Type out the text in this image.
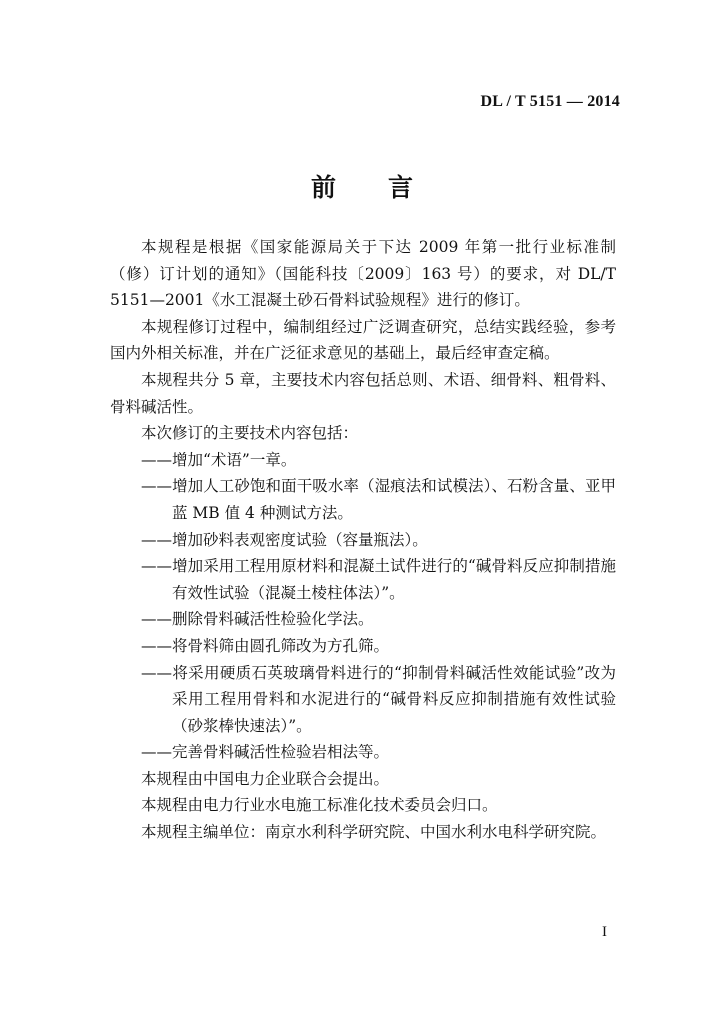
DL / T 5151 — 2014
前 言

本规程是根据《国家能源局关于下达 2009 年第一批行业标准制（修）订计划的通知》（国能科技〔2009〕163 号）的要求，对 DL/T 5151—2001《水工混凝土砂石骨料试验规程》进行的修订。

本规程修订过程中，编制组经过广泛调查研究，总结实践经验，参考国内外相关标准，并在广泛征求意见的基础上，最后经审查定稿。

本规程共分 5 章，主要技术内容包括总则、术语、细骨料、粗骨料、骨料碱活性。

本次修订的主要技术内容包括：

——增加“术语”一章。

——增加人工砂饱和面干吸水率（湿痕法和试模法）、石粉含量、亚甲蓝 MB 值 4 种测试方法。

——增加砂料表观密度试验（容量瓶法）。

——增加采用工程用原材料和混凝土试件进行的“碱骨料反应抑制措施有效性试验（混凝土棱柱体法）”。

——删除骨料碱活性检验化学法。

——将骨料筛由圆孔筛改为方孔筛。

——将采用硬质石英玻璃骨料进行的“抑制骨料碱活性效能试验”改为采用工程用骨料和水泥进行的“碱骨料反应抑制措施有效性试验（砂浆棒快速法）”。

——完善骨料碱活性检验岩相法等。

本规程由中国电力企业联合会提出。

本规程由电力行业水电施工标准化技术委员会归口。

本规程主编单位：南京水利科学研究院、中国水利水电科学研究院。

I
